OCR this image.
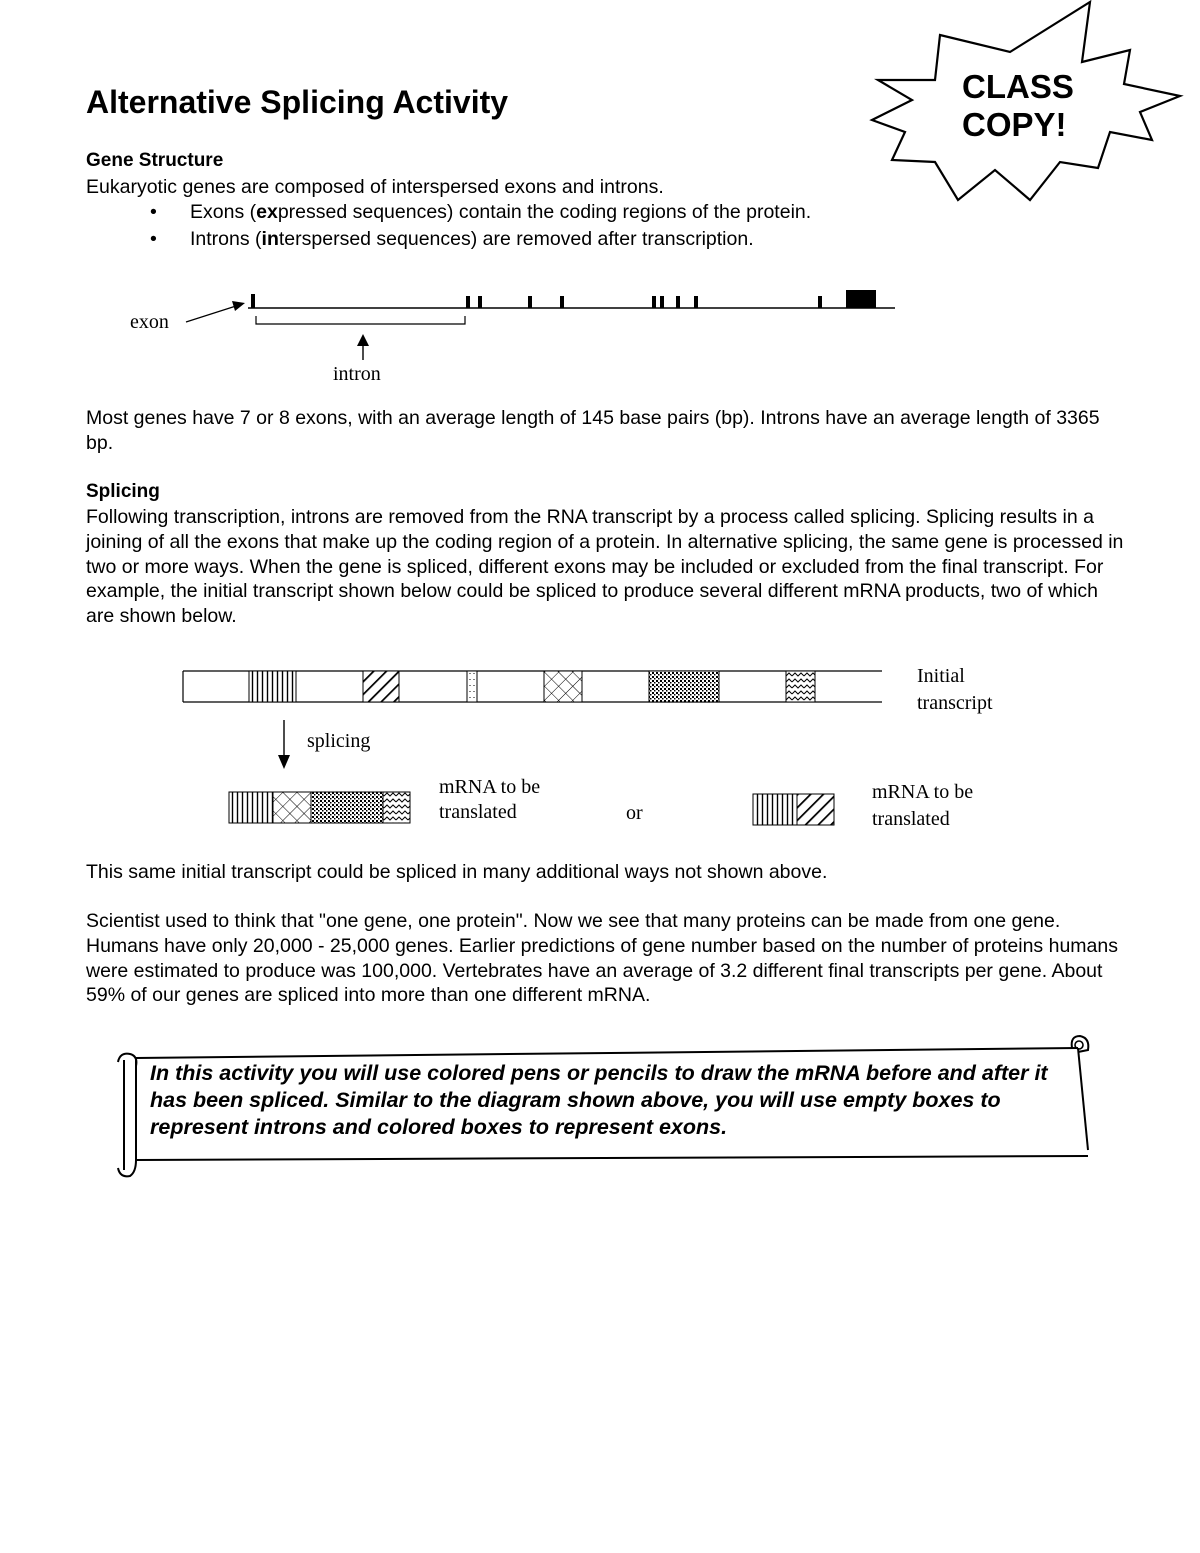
CLASS
COPY!
Alternative Splicing Activity
Gene Structure
Eukaryotic genes are composed of interspersed exons and introns.
• Exons (expressed sequences) contain the coding regions of the protein.
• Introns (interspersed sequences) are removed after transcription.
exon
intron

Most genes have 7 or 8 exons, with an average length of 145 base pairs (bp). Introns have an average length of 3365 bp.

Splicing

Following transcription, introns are removed from the RNA transcript by a process called splicing. Splicing results in a joining of all the exons that make up the coding region of a protein. In alternative splicing, the same gene is processed in two or more ways. When the gene is spliced, different exons may be included or excluded from the final transcript. For example, the initial transcript shown below could be spliced to produce several different mRNA products, two of which are shown below.

Initial
transcript
splicing
mRNA to be
translated	or
mRNA to be
translated

This same initial transcript could be spliced in many additional ways not shown above.

Scientist used to think that "one gene, one protein". Now we see that many proteins can be made from one gene. Humans have only 20,000 - 25,000 genes. Earlier predictions of gene number based on the number of proteins humans were estimated to produce was 100,000. Vertebrates have an average of 3.2 different final transcripts per gene. About 59% of our genes are spliced into more than one different mRNA.

In this activity you will use colored pens or pencils to draw the mRNA before and after it has been spliced. Similar to the diagram shown above, you will use empty boxes to represent introns and colored boxes to represent exons.
